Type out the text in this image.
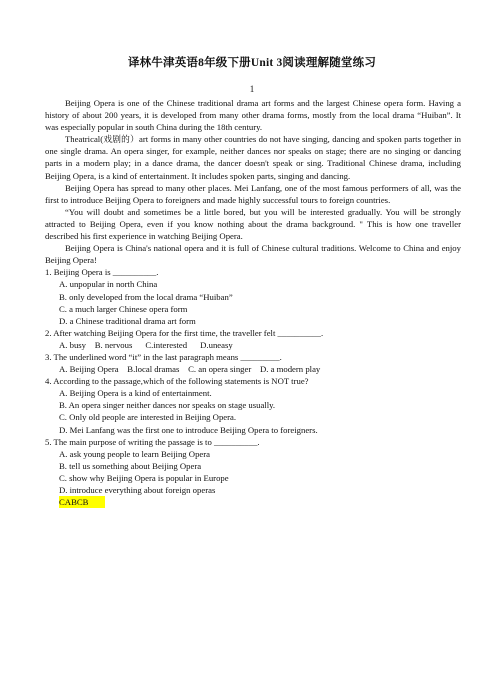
译林牛津英语8年级下册Unit 3阅读理解随堂练习
1

Beijing Opera is one of the Chinese traditional drama art forms and the largest Chinese opera form. Having a history of about 200 years, it is developed from many other drama forms, mostly from the local drama “Huiban”. It was especially popular in south China during the 18th century.

Theatrical(戏剧的）art forms in many other countries do not have singing, dancing and spoken parts together in one single drama. An opera singer, for example, neither dances nor speaks on stage; there are no singing or dancing parts in a modern play; in a dance drama, the dancer doesn't speak or sing. Traditional Chinese drama, including Beijing Opera, is a kind of entertainment. It includes spoken parts, singing and dancing.

Beijing Opera has spread to many other places. Mei Lanfang, one of the most famous performers of all, was the first to introduce Beijing Opera to foreigners and made highly successful tours to foreign countries.

“You will doubt and sometimes be a little bored, but you will be interested gradually. You will be strongly attracted to Beijing Opera, even if you know nothing about the drama background. " This is how one traveller described his first experience in watching Beijing Opera.

Beijing Opera is China's national opera and it is full of Chinese cultural traditions. Welcome to China and enjoy Beijing Opera!

1. Beijing Opera is __________.

A. unpopular in north China

B. only developed from the local drama “Huiban”

C. a much larger Chinese opera form

D. a Chinese traditional drama art form

2. After watching Beijing Opera for the first time, the traveller felt __________.

A. busy    B. nervous      C.interested      D.uneasy

3. The underlined word “it” in the last paragraph means _________.

A. Beijing Opera    B.local dramas    C. an opera singer    D. a modern play

4. According to the passage,which of the following statements is NOT true?

A. Beijing Opera is a kind of entertainment.

B. An opera singer neither dances nor speaks on stage usually.

C. Only old people are interested in Beijing Opera.

D. Mei Lanfang was the first one to introduce Beijing Opera to foreigners.

5. The main purpose of writing the passage is to __________.

A. ask young people to learn Beijing Opera

B. tell us something about Beijing Opera

C. show why Beijing Opera is popular in Europe

D. introduce everything about foreign operas

CABCB
